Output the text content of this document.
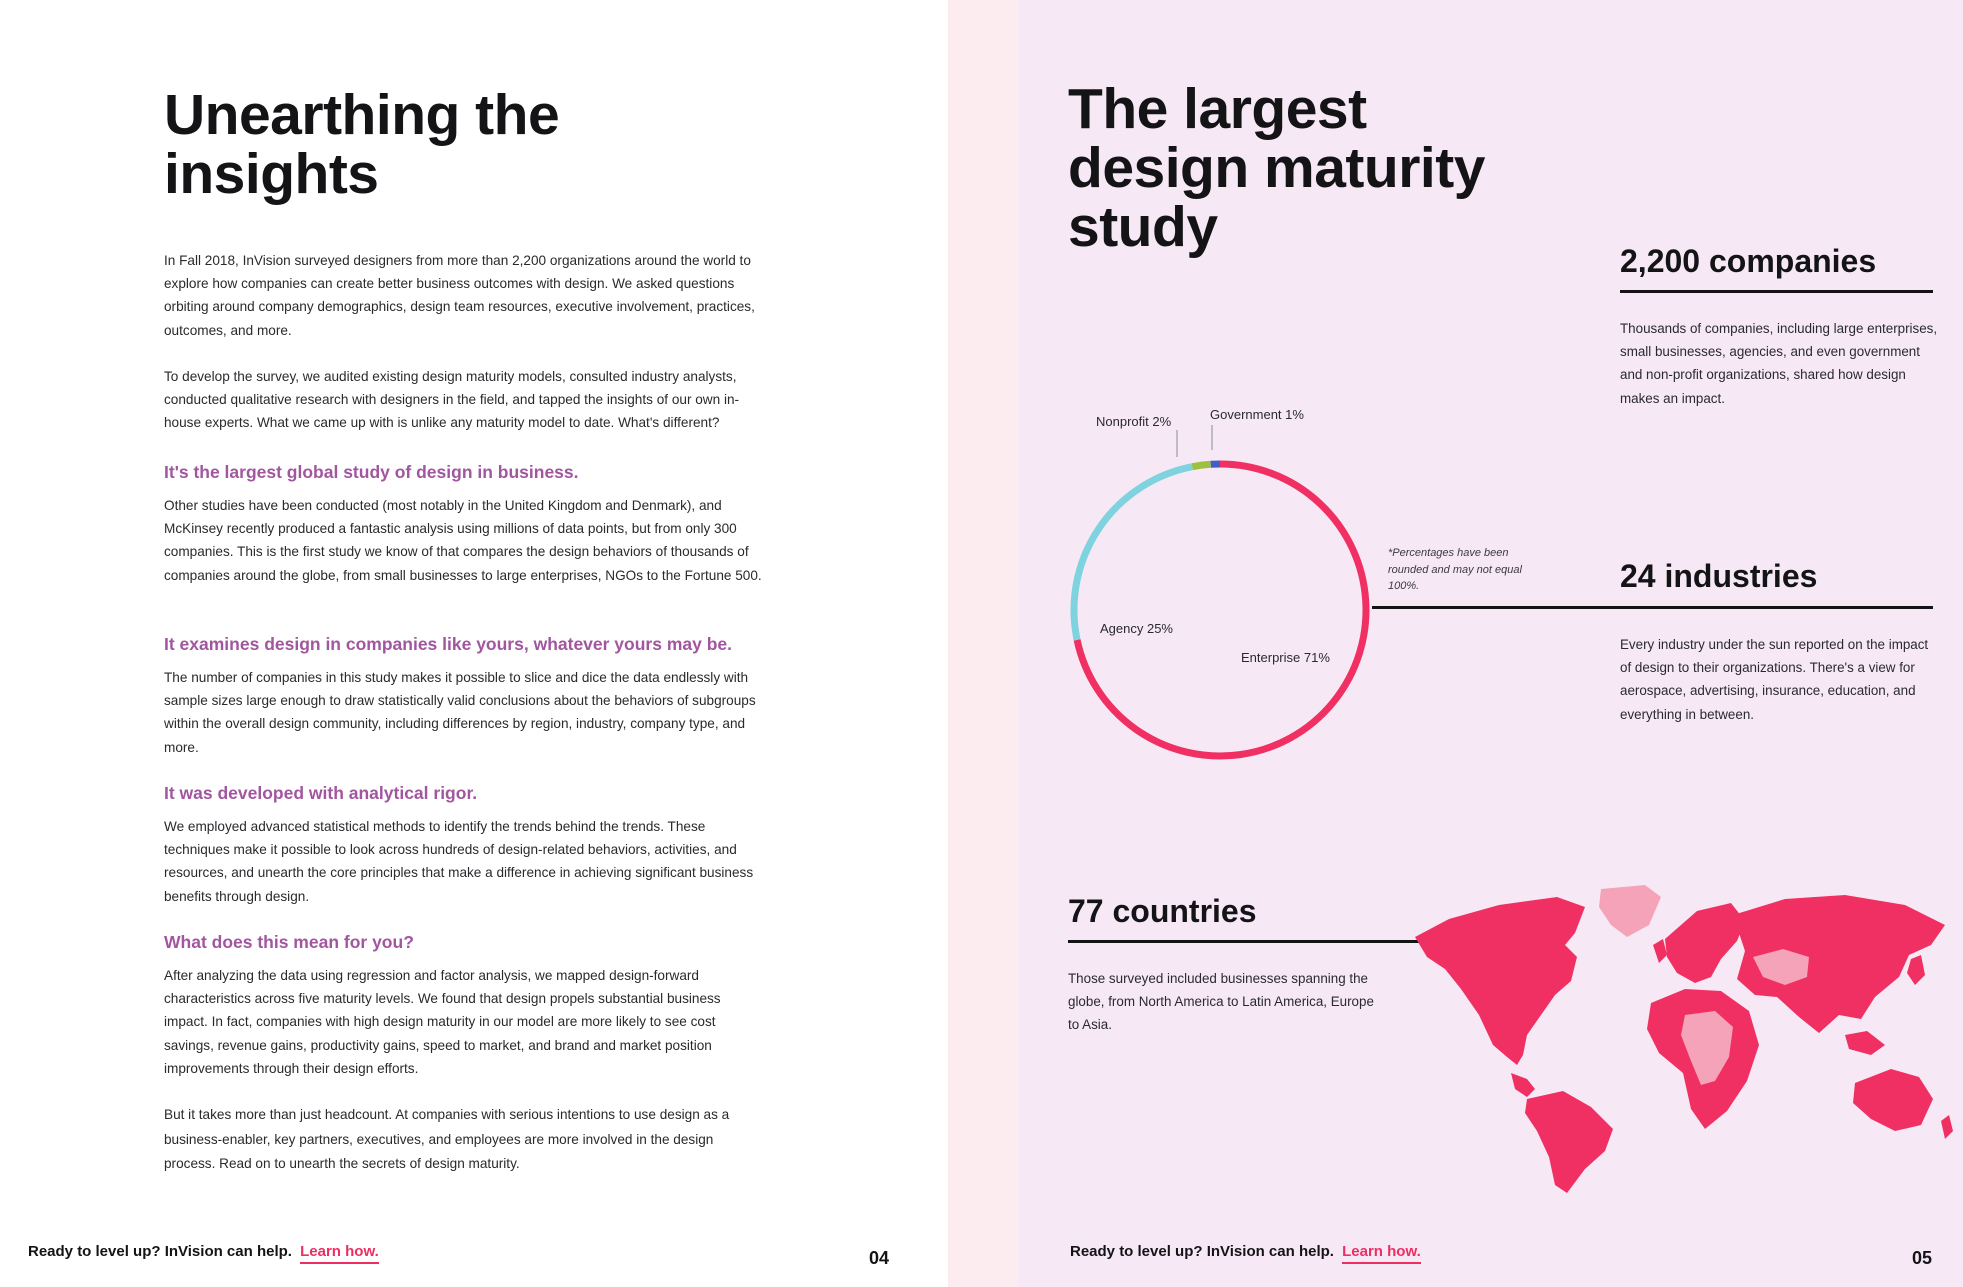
Unearthing the
insights

In Fall 2018, InVision surveyed designers from more than 2,200 organizations around the world to explore how companies can create better business outcomes with design. We asked questions orbiting around company demographics, design team resources, executive involvement, practices, outcomes, and more.

To develop the survey, we audited existing design maturity models, consulted industry analysts, conducted qualitative research with designers in the field, and tapped the insights of our own in-house experts. What we came up with is unlike any maturity model to date. What's different?

It's the largest global study of design in business.

Other studies have been conducted (most notably in the United Kingdom and Denmark), and McKinsey recently produced a fantastic analysis using millions of data points, but from only 300 companies. This is the first study we know of that compares the design behaviors of thousands of companies around the globe, from small businesses to large enterprises, NGOs to the Fortune 500.

It examines design in companies like yours, whatever yours may be.

The number of companies in this study makes it possible to slice and dice the data endlessly with sample sizes large enough to draw statistically valid conclusions about the behaviors of subgroups within the overall design community, including differences by region, industry, company type, and more.

It was developed with analytical rigor.

We employed advanced statistical methods to identify the trends behind the trends. These techniques make it possible to look across hundreds of design-related behaviors, activities, and resources, and unearth the core principles that make a difference in achieving significant business benefits through design.

What does this mean for you?

After analyzing the data using regression and factor analysis, we mapped design-forward characteristics across five maturity levels. We found that design propels substantial business impact. In fact, companies with high design maturity in our model are more likely to see cost savings, revenue gains, productivity gains, speed to market, and brand and market position improvements through their design efforts.

But it takes more than just headcount. At companies with serious intentions to use design as a business-enabler, key partners, executives, and employees are more involved in the design process. Read on to unearth the secrets of design maturity.

Ready to level up? InVision can help. Learn how.	04
The largest
design maturity
study
2,200 companies

Thousands of companies, including large enterprises, small businesses, agencies, and even government and non-profit organizations, shared how design makes an impact.

24 industries

Every industry under the sun reported on the impact of design to their organizations. There's a view for aerospace, advertising, insurance, education, and everything in between.

*Percentages have been rounded and may not equal 100%.

Nonprofit 2%	Government 1%
Agency 25%
Enterprise 71%
77 countries

Those surveyed included businesses spanning the globe, from North America to Latin America, Europe to Asia.

Ready to level up? InVision can help. Learn how.	05
